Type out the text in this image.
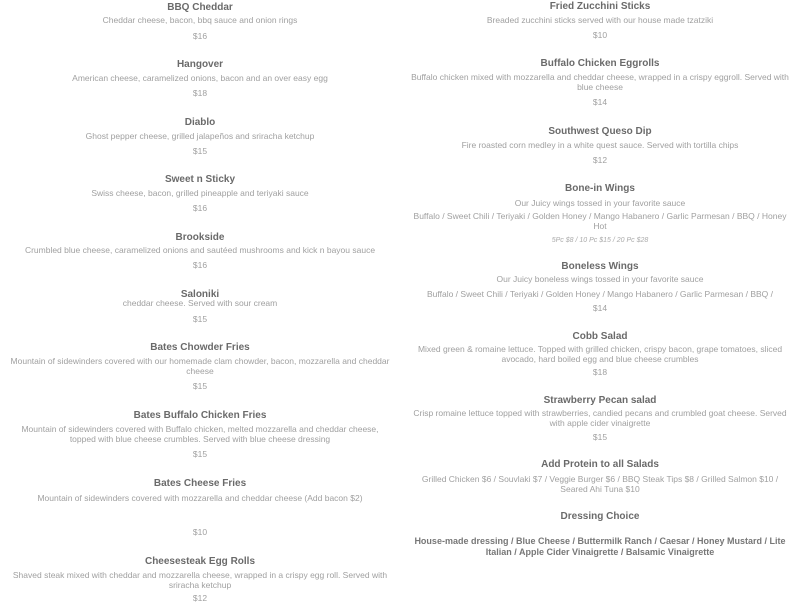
BBQ Cheddar
Cheddar cheese, bacon, bbq sauce and onion rings
$16
Hangover
American cheese, caramelized onions, bacon and an over easy egg
$18
Diablo
Ghost pepper cheese, grilled jalapeños and sriracha ketchup
$15
Sweet n Sticky
Swiss cheese, bacon, grilled pineapple and teriyaki sauce
$16
Brookside
Crumbled blue cheese, caramelized onions and sautéed mushrooms and kick n bayou sauce
$16
Saloniki
cheddar cheese. Served with sour cream
$15
Bates Chowder Fries
Mountain of sidewinders covered with our homemade clam chowder, bacon, mozzarella and cheddar cheese
$15
Bates Buffalo Chicken Fries
Mountain of sidewinders covered with Buffalo chicken, melted mozzarella and cheddar cheese, topped with blue cheese crumbles. Served with blue cheese dressing
$15
Bates Cheese Fries
Mountain of sidewinders covered with mozzarella and cheddar cheese (Add bacon $2)
$10
Cheesesteak Egg Rolls
Shaved steak mixed with cheddar and mozzarella cheese, wrapped in a crispy egg roll. Served with sriracha ketchup
$12
Fried Zucchini Sticks
Breaded zucchini sticks served with our house made tzatziki
$10
Buffalo Chicken Eggrolls
Buffalo chicken mixed with mozzarella and cheddar cheese, wrapped in a crispy eggroll. Served with blue cheese
$14
Southwest Queso Dip
Fire roasted corn medley in a white quest sauce. Served with tortilla chips
$12
Bone-in Wings
Our Juicy wings tossed in your favorite sauce
Buffalo / Sweet Chili / Teriyaki / Golden Honey / Mango Habanero / Garlic Parmesan / BBQ / Honey Hot
5Pc $8 / 10 Pc $15 / 20 Pc $28
Boneless Wings
Our Juicy boneless wings tossed in your favorite sauce
Buffalo / Sweet Chili / Teriyaki / Golden Honey / Mango Habanero / Garlic Parmesan / BBQ /
$14
Cobb Salad
Mixed green & romaine lettuce. Topped with grilled chicken, crispy bacon, grape tomatoes, sliced avocado, hard boiled egg and blue cheese crumbles
$18
Strawberry Pecan salad
Crisp romaine lettuce topped with strawberries, candied pecans and crumbled goat cheese. Served with apple cider vinaigrette
$15
Add Protein to all Salads
Grilled Chicken $6 / Souvlaki $7 / Veggie Burger $6 / BBQ Steak Tips $8 / Grilled Salmon $10 / Seared Ahi Tuna $10
Dressing Choice
House-made dressing / Blue Cheese / Buttermilk Ranch / Caesar / Honey Mustard / Lite Italian / Apple Cider Vinaigrette / Balsamic Vinaigrette
